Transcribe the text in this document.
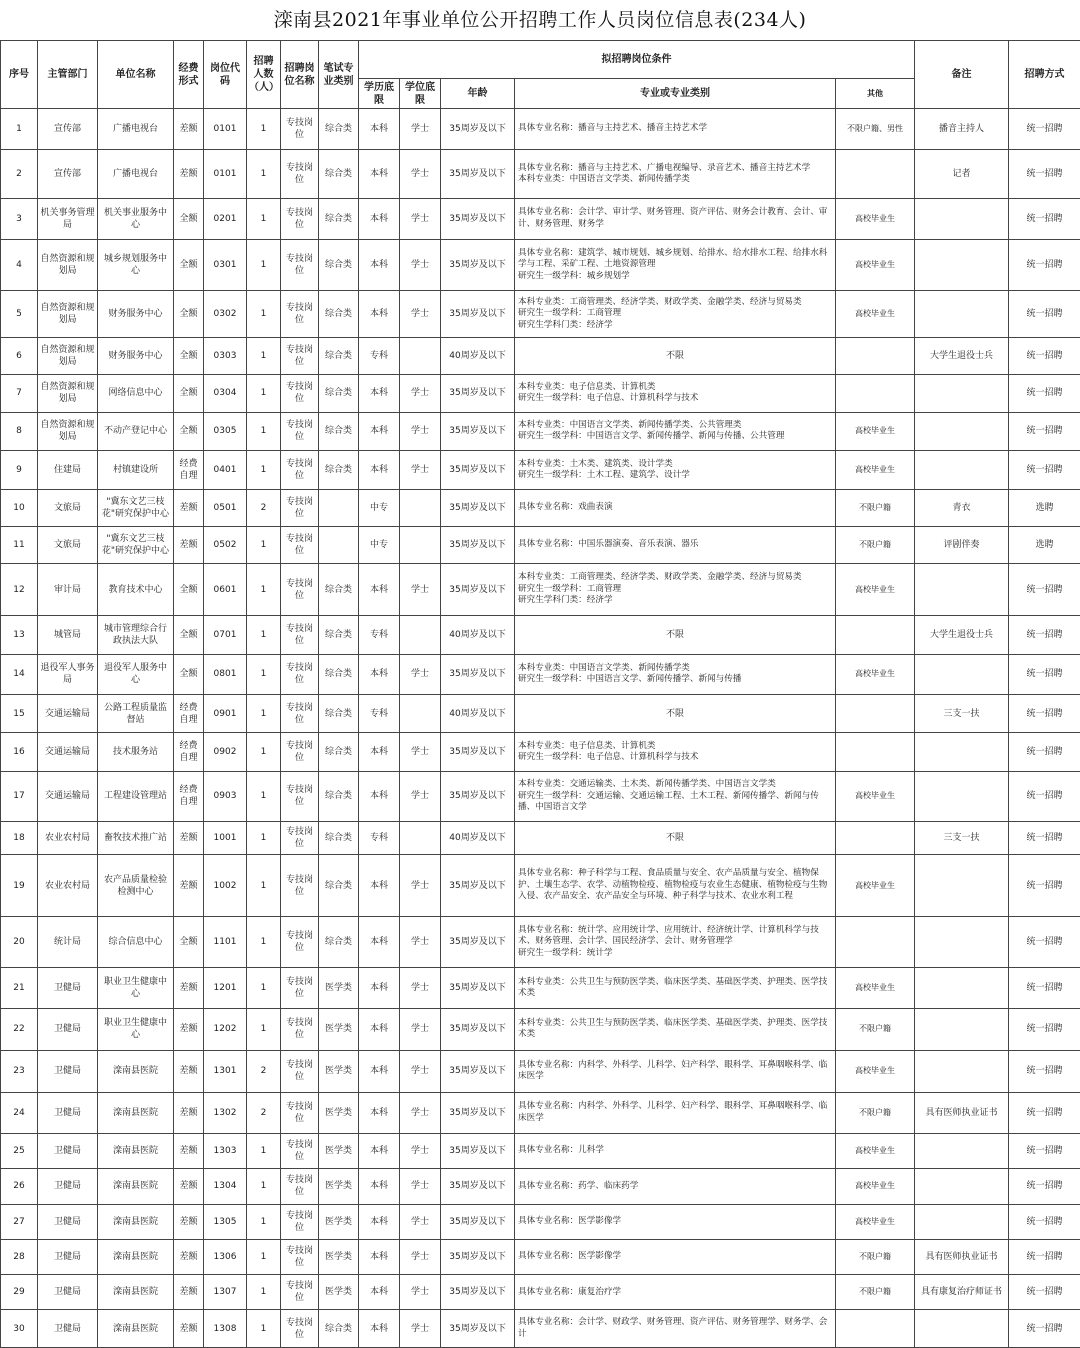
滦南县2021年事业单位公开招聘工作人员岗位信息表(234人)
序号	主管部门	单位名称	经费形式	岗位代码	招聘人数（人）	招聘岗位名称	笔试专业类别	拟招聘岗位条件					备注	招聘方式
								学历底限	学位底限	年龄	专业或专业类别	其他		
1	宣传部	广播电视台	差额	0101	1	专技岗位	综合类	本科	学士	35周岁及以下	具体专业名称：播音与主持艺术、播音主持艺术学	不限户籍、男性	播音主持人	统一招聘
2	宣传部	广播电视台	差额	0101	1	专技岗位	综合类	本科	学士	35周岁及以下	具体专业名称：播音与主持艺术、广播电视编导、录音艺术、播音主持艺术学
本科专业类：中国语言文学类、新闻传播学类		记者	统一招聘
3	机关事务管理局	机关事业服务中心	全额	0201	1	专技岗位	综合类	本科	学士	35周岁及以下	具体专业名称：会计学、审计学、财务管理、资产评估、财务会计教育、会计、审计、财务管理、财务学	高校毕业生		统一招聘
4	自然资源和规划局	城乡规划服务中心	全额	0301	1	专技岗位	综合类	本科	学士	35周岁及以下	具体专业名称：建筑学、城市规划、城乡规划、给排水、给水排水工程、给排水科学与工程、采矿工程、土地资源管理
研究生一级学科：城乡规划学	高校毕业生		统一招聘
5	自然资源和规划局	财务服务中心	全额	0302	1	专技岗位	综合类	本科	学士	35周岁及以下	本科专业类：工商管理类、经济学类、财政学类、金融学类、经济与贸易类
研究生一级学科：工商管理
研究生学科门类：经济学	高校毕业生		统一招聘
6	自然资源和规划局	财务服务中心	全额	0303	1	专技岗位	综合类	专科		40周岁及以下	不限		大学生退役士兵	统一招聘
7	自然资源和规划局	网络信息中心	全额	0304	1	专技岗位	综合类	本科	学士	35周岁及以下	本科专业类：电子信息类、计算机类
研究生一级学科：电子信息、计算机科学与技术			统一招聘
8	自然资源和规划局	不动产登记中心	全额	0305	1	专技岗位	综合类	本科	学士	35周岁及以下	本科专业类：中国语言文学类、新闻传播学类、公共管理类
研究生一级学科：中国语言文学、新闻传播学、新闻与传播、公共管理	高校毕业生		统一招聘
9	住建局	村镇建设所	经费自理	0401	1	专技岗位	综合类	本科	学士	35周岁及以下	本科专业类：土木类、建筑类、设计学类
研究生一级学科：土木工程、建筑学、设计学	高校毕业生		统一招聘
10	文旅局	"冀东文艺三枝花"研究保护中心	差额	0501	2	专技岗位		中专		35周岁及以下	具体专业名称：戏曲表演	不限户籍	青衣	选聘
11	文旅局	"冀东文艺三枝花"研究保护中心	差额	0502	1	专技岗位		中专		35周岁及以下	具体专业名称：中国乐器演奏、音乐表演、器乐	不限户籍	评剧伴奏	选聘
12	审计局	教育技术中心	全额	0601	1	专技岗位	综合类	本科	学士	35周岁及以下	本科专业类：工商管理类、经济学类、财政学类、金融学类、经济与贸易类
研究生一级学科：工商管理
研究生学科门类：经济学	高校毕业生		统一招聘
13	城管局	城市管理综合行政执法大队	全额	0701	1	专技岗位	综合类	专科		40周岁及以下	不限		大学生退役士兵	统一招聘
14	退役军人事务局	退役军人服务中心	全额	0801	1	专技岗位	综合类	本科	学士	35周岁及以下	本科专业类：中国语言文学类、新闻传播学类
研究生一级学科：中国语言文学、新闻传播学、新闻与传播	高校毕业生		统一招聘
15	交通运输局	公路工程质量监督站	经费自理	0901	1	专技岗位	综合类	专科		40周岁及以下	不限		三支一扶	统一招聘
16	交通运输局	技术服务站	经费自理	0902	1	专技岗位	综合类	本科	学士	35周岁及以下	本科专业类：电子信息类、计算机类
研究生一级学科：电子信息、计算机科学与技术			统一招聘
17	交通运输局	工程建设管理站	经费自理	0903	1	专技岗位	综合类	本科	学士	35周岁及以下	本科专业类：交通运输类、土木类、新闻传播学类、中国语言文学类
研究生一级学科：交通运输、交通运输工程、土木工程、新闻传播学、新闻与传播、中国语言文学	高校毕业生		统一招聘
18	农业农村局	畜牧技术推广站	差额	1001	1	专技岗位	综合类	专科		40周岁及以下	不限		三支一扶	统一招聘
19	农业农村局	农产品质量检验检测中心	差额	1002	1	专技岗位	综合类	本科	学士	35周岁及以下	具体专业名称：种子科学与工程、食品质量与安全、农产品质量与安全、植物保护、土壤生态学、农学、动植物检疫、植物检疫与农业生态健康、植物检疫与生物入侵、农产品安全、农产品安全与环境、种子科学与技术、农业水利工程	高校毕业生		统一招聘
20	统计局	综合信息中心	全额	1101	1	专技岗位	综合类	本科	学士	35周岁及以下	具体专业名称：统计学、应用统计学、应用统计、经济统计学、计算机科学与技术、财务管理、会计学、国民经济学、会计、财务管理学
研究生一级学科：统计学			统一招聘
21	卫健局	职业卫生健康中心	差额	1201	1	专技岗位	医学类	本科	学士	35周岁及以下	本科专业类：公共卫生与预防医学类、临床医学类、基础医学类、护理类、医学技术类	高校毕业生		统一招聘
22	卫健局	职业卫生健康中心	差额	1202	1	专技岗位	医学类	本科	学士	35周岁及以下	本科专业类：公共卫生与预防医学类、临床医学类、基础医学类、护理类、医学技术类	不限户籍		统一招聘
23	卫健局	滦南县医院	差额	1301	2	专技岗位	医学类	本科	学士	35周岁及以下	具体专业名称：内科学、外科学、儿科学、妇产科学、眼科学、耳鼻咽喉科学、临床医学	高校毕业生		统一招聘
24	卫健局	滦南县医院	差额	1302	2	专技岗位	医学类	本科	学士	35周岁及以下	具体专业名称：内科学、外科学、儿科学、妇产科学、眼科学、耳鼻咽喉科学、临床医学	不限户籍	具有医师执业证书	统一招聘
25	卫健局	滦南县医院	差额	1303	1	专技岗位	医学类	本科	学士	35周岁及以下	具体专业名称：儿科学	高校毕业生		统一招聘
26	卫健局	滦南县医院	差额	1304	1	专技岗位	医学类	本科	学士	35周岁及以下	具体专业名称：药学、临床药学	高校毕业生		统一招聘
27	卫健局	滦南县医院	差额	1305	1	专技岗位	医学类	本科	学士	35周岁及以下	具体专业名称：医学影像学	高校毕业生		统一招聘
28	卫健局	滦南县医院	差额	1306	1	专技岗位	医学类	本科	学士	35周岁及以下	具体专业名称：医学影像学	不限户籍	具有医师执业证书	统一招聘
29	卫健局	滦南县医院	差额	1307	1	专技岗位	医学类	本科	学士	35周岁及以下	具体专业名称：康复治疗学	不限户籍	具有康复治疗师证书	统一招聘
30	卫健局	滦南县医院	差额	1308	1	专技岗位	综合类	本科	学士	35周岁及以下	具体专业名称：会计学、财政学、财务管理、资产评估、财务管理学、财务学、会计			统一招聘
